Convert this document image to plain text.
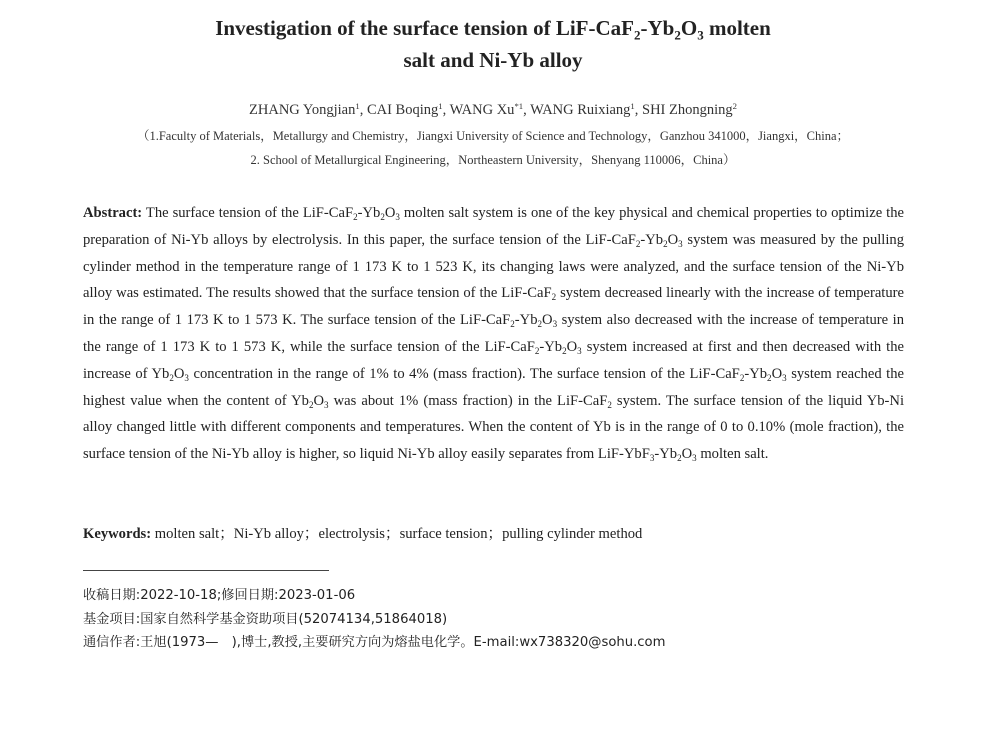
Investigation of the surface tension of LiF-$CaF_2-Yb_2O_3$ molten
salt and Ni-Yb alloy
ZHANG Yongjian$^1$, CAI Boqing$^1$, WANG Xu$^{*1}$, WANG Ruixiang$^1$, SHI Zhongning$^2$
（1.Faculty of Materials，Metallurgy and Chemistry，Jiangxi University of Science and Technology，Ganzhou 341000，Jiangxi，China；
2. School of Metallurgical Engineering，Northeastern University，Shenyang 110006，China）
Abstract: The surface tension of the LiF-$CaF_2-Yb_2O_3$ molten salt system is one of the key physical and chemical properties to optimize the preparation of Ni-Yb alloys by electrolysis. In this paper, the surface tension of the LiF-$CaF_2-Yb_2O_3$ system was measured by the pulling cylinder method in the temperature range of 1 173 K to 1 523 K, its changing laws were analyzed, and the surface tension of the Ni-Yb alloy was estimated. The results showed that the surface tension of the LiF-CaF$_2$ system decreased linearly with the increase of temperature in the range of 1 173 K to 1 573 K. The surface tension of the LiF-$CaF_2-Yb_2O_3$ system also decreased with the increase of temperature in the range of 1 173 K to 1 573 K, while the surface tension of the LiF-$CaF_2-Yb_2O_3$ system increased at first and then decreased with the increase of $Yb_2O_3$ concentration in the range of 1% to 4% (mass fraction). The surface tension of the LiF-$CaF_2-Yb_2O_3$ system reached the highest value when the content of $Yb_2O_3$ was about 1% (mass fraction) in the LiF-CaF$_2$ system. The surface tension of the liquid Yb-Ni alloy changed little with different components and temperatures. When the content of Yb is in the range of 0 to 0.10% (mole fraction), the surface tension of the Ni-Yb alloy is higher, so liquid Ni-Yb alloy easily separates from LiF-$YbF_3-Yb_2O_3$ molten salt.
Keywords: molten salt；Ni-Yb alloy；electrolysis；surface tension；pulling cylinder method
收稿日期:2022-10-18;修回日期:2023-01-06
基金项目:国家自然科学基金资助项目(52074134,51864018)
通信作者:王旭(1973—　),博士,教授,主要研究方向为熔盐电化学。E-mail:wx738320@sohu.com
